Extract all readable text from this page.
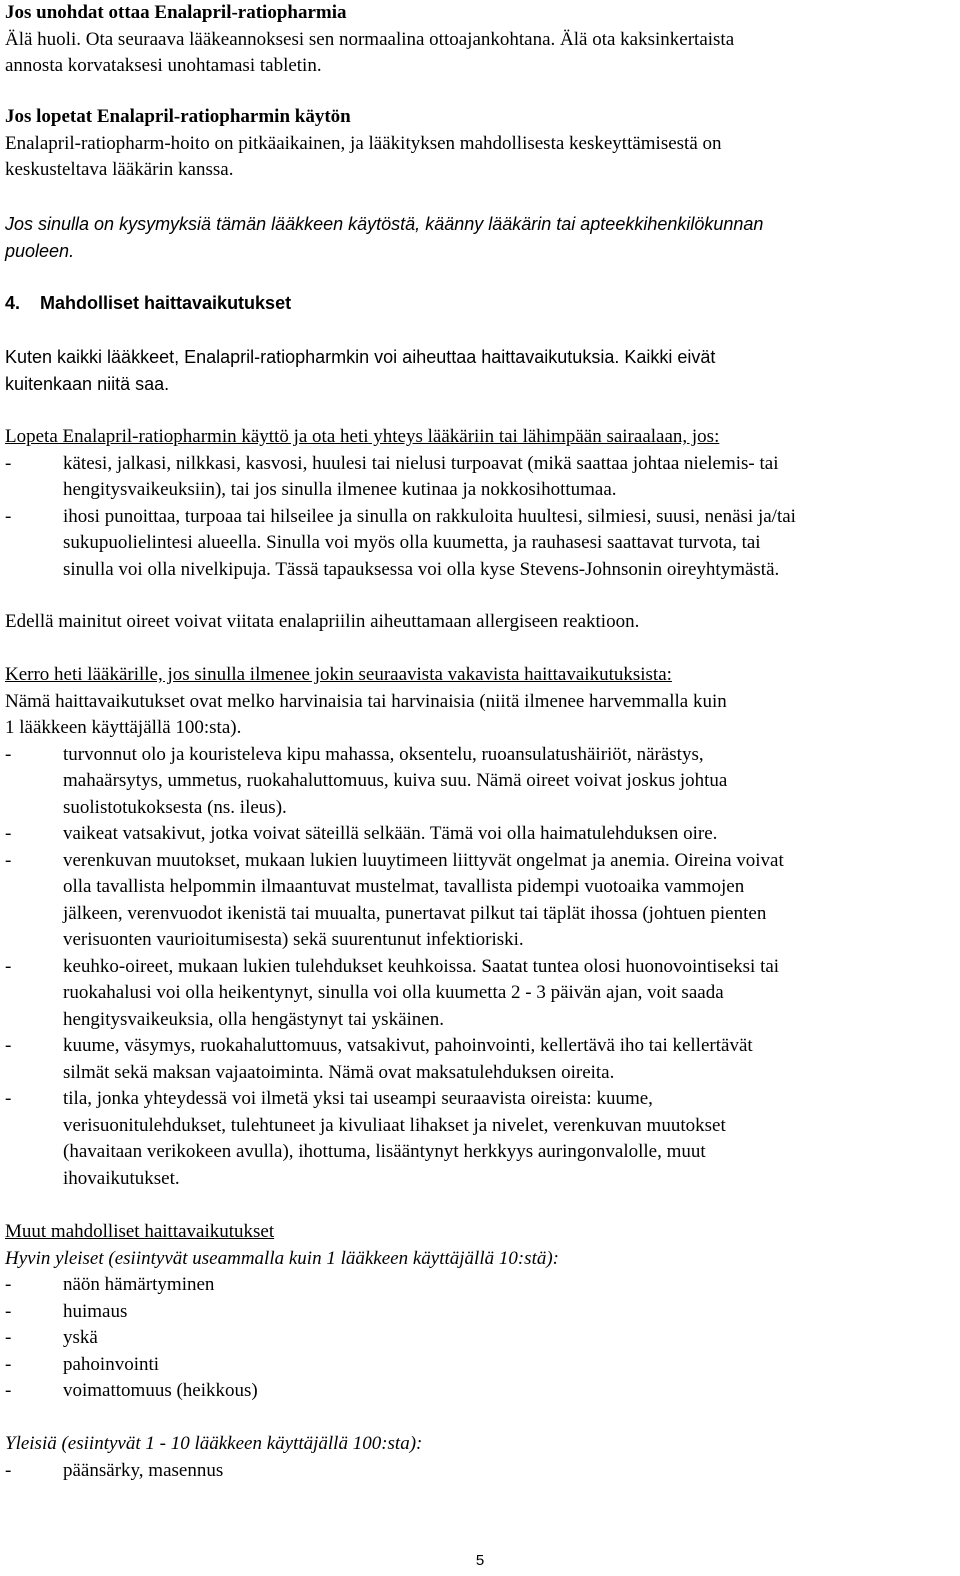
Jos unohdat ottaa Enalapril-ratiopharmia
Älä huoli. Ota seuraava lääkeannoksesi sen normaalina ottoajankohtana. Älä ota kaksinkertaista
annosta korvataksesi unohtamasi tabletin.
Jos lopetat Enalapril-ratiopharmin käytön
Enalapril-ratiopharm-hoito on pitkäaikainen, ja lääkityksen mahdollisesta keskeyttämisestä on
keskusteltava lääkärin kanssa.
Jos sinulla on kysymyksiä tämän lääkkeen käytöstä, käänny lääkärin tai apteekkihenkilökunnan
puoleen.
4.    Mahdolliset haittavaikutukset
Kuten kaikki lääkkeet, Enalapril-ratiopharmkin voi aiheuttaa haittavaikutuksia. Kaikki eivät
kuitenkaan niitä saa.
Lopeta Enalapril-ratiopharmin käyttö ja ota heti yhteys lääkäriin tai lähimpään sairaalaan, jos:
-	kätesi, jalkasi, nilkkasi, kasvosi, huulesi tai nielusi turpoavat (mikä saattaa johtaa nielemis- tai
hengitysvaikeuksiin), tai jos sinulla ilmenee kutinaa ja nokkosihottumaa.
-	ihosi punoittaa, turpoaa tai hilseilee ja sinulla on rakkuloita huultesi, silmiesi, suusi, nenäsi ja/tai
sukupuolielintesi alueella. Sinulla voi myös olla kuumetta, ja rauhasesi saattavat turvota, tai
sinulla voi olla nivelkipuja. Tässä tapauksessa voi olla kyse Stevens-Johnsonin oireyhtymästä.
Edellä mainitut oireet voivat viitata enalapriilin aiheuttamaan allergiseen reaktioon.
Kerro heti lääkärille, jos sinulla ilmenee jokin seuraavista vakavista haittavaikutuksista:
Nämä haittavaikutukset ovat melko harvinaisia tai harvinaisia (niitä ilmenee harvemmalla kuin
1 lääkkeen käyttäjällä 100:sta).
-	turvonnut olo ja kouristeleva kipu mahassa, oksentelu, ruoansulatushäiriöt, närästys,
mahaärsytys, ummetus, ruokahaluttomuus, kuiva suu. Nämä oireet voivat joskus johtua
suolistotukoksesta (ns. ileus).
-	vaikeat vatsakivut, jotka voivat säteillä selkään. Tämä voi olla haimatulehduksen oire.
-	verenkuvan muutokset, mukaan lukien luuytimeen liittyvät ongelmat ja anemia. Oireina voivat
olla tavallista helpommin ilmaantuvat mustelmat, tavallista pidempi vuotoaika vammojen
jälkeen, verenvuodot ikenistä tai muualta, punertavat pilkut tai täplät ihossa (johtuen pienten
verisuonten vaurioitumisesta) sekä suurentunut infektioriski.
-	keuhko-oireet, mukaan lukien tulehdukset keuhkoissa. Saatat tuntea olosi huonovointiseksi tai
ruokahalusi voi olla heikentynyt, sinulla voi olla kuumetta 2 - 3 päivän ajan, voit saada
hengitysvaikeuksia, olla hengästynyt tai yskäinen.
-	kuume, väsymys, ruokahaluttomuus, vatsakivut, pahoinvointi, kellertävä iho tai kellertävät
silmät sekä maksan vajaatoiminta. Nämä ovat maksatulehduksen oireita.
-	tila, jonka yhteydessä voi ilmetä yksi tai useampi seuraavista oireista: kuume,
verisuonitulehdukset, tulehtuneet ja kivuliaat lihakset ja nivelet, verenkuvan muutokset
(havaitaan verikokeen avulla), ihottuma, lisääntynyt herkkyys auringonvalolle, muut
ihovaikutukset.
Muut mahdolliset haittavaikutukset
Hyvin yleiset (esiintyvät useammalla kuin 1 lääkkeen käyttäjällä 10:stä):
-	näön hämärtyminen
-	huimaus
-	yskä
-	pahoinvointi
-	voimattomuus (heikkous)
Yleisiä (esiintyvät 1 - 10 lääkkeen käyttäjällä 100:sta):
-	päänsärky, masennus
5
